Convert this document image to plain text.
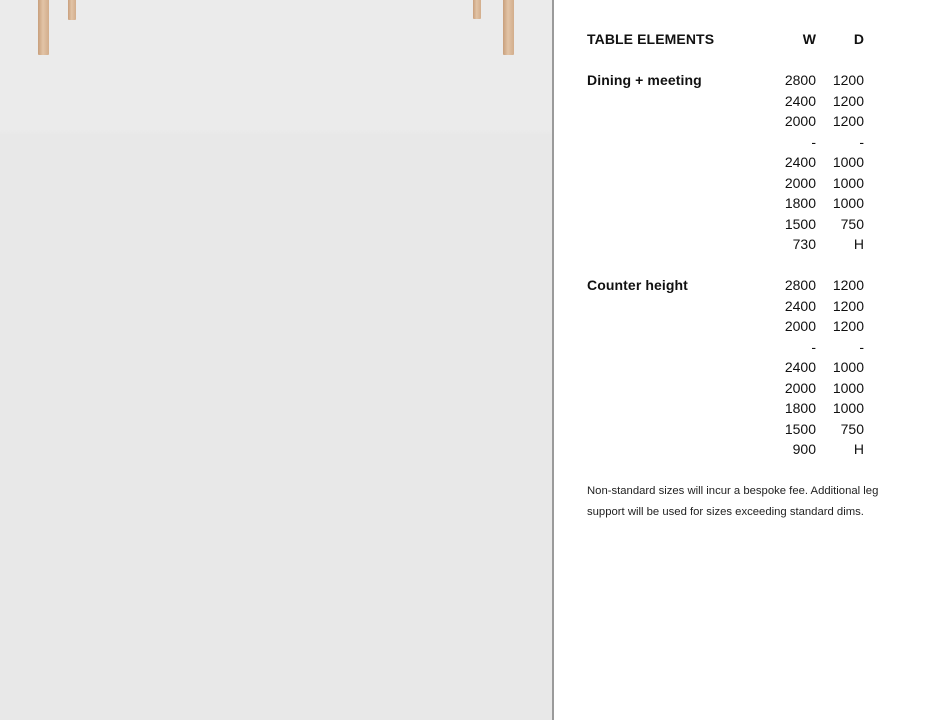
TABLE ELEMENTS	W	D
Dining + meeting	2800 1200
2400 1200
2000 1200
-	-
2400 1000
2000 1000
1800 1000
1500 750
730	H
Counter height	2800 1200
2400 1200
2000 1200
-	-
2400 1000
2000 1000
1800 1000
1500 750
900	H

Non-standard sizes will incur a bespoke fee. Additional leg support will be used for sizes exceeding standard dims.
